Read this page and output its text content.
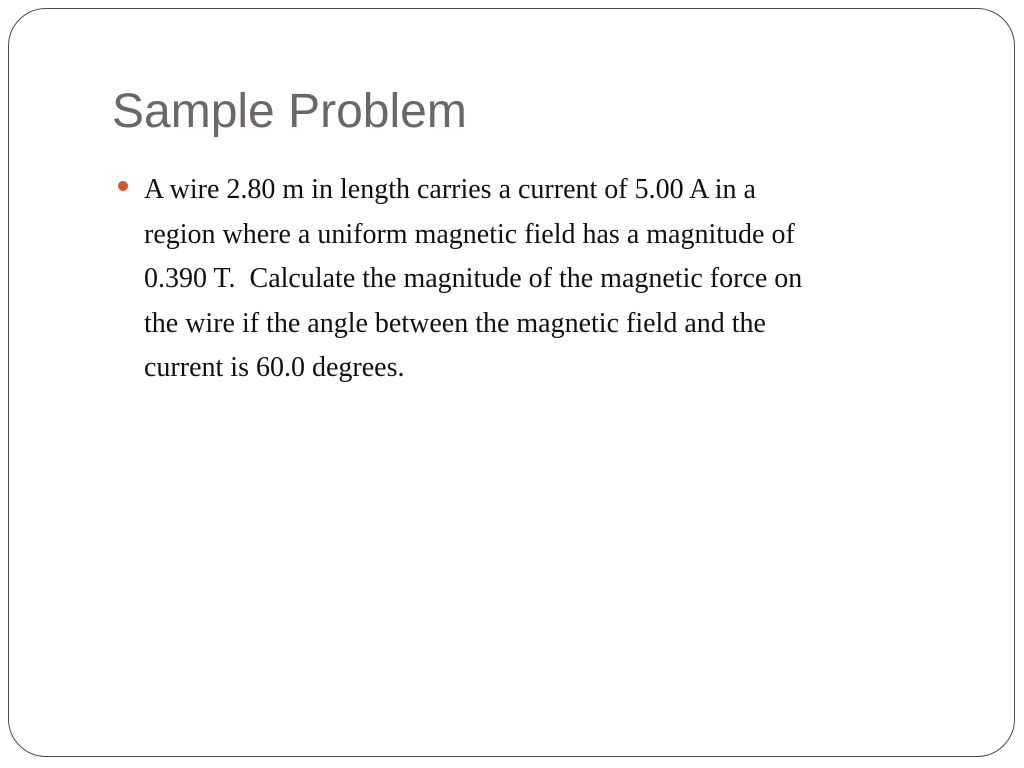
Sample Problem
A wire 2.80 m in length carries a current of 5.00 A in a
region where a uniform magnetic field has a magnitude of
0.390 T.  Calculate the magnitude of the magnetic force on
the wire if the angle between the magnetic field and the
current is 60.0 degrees.
